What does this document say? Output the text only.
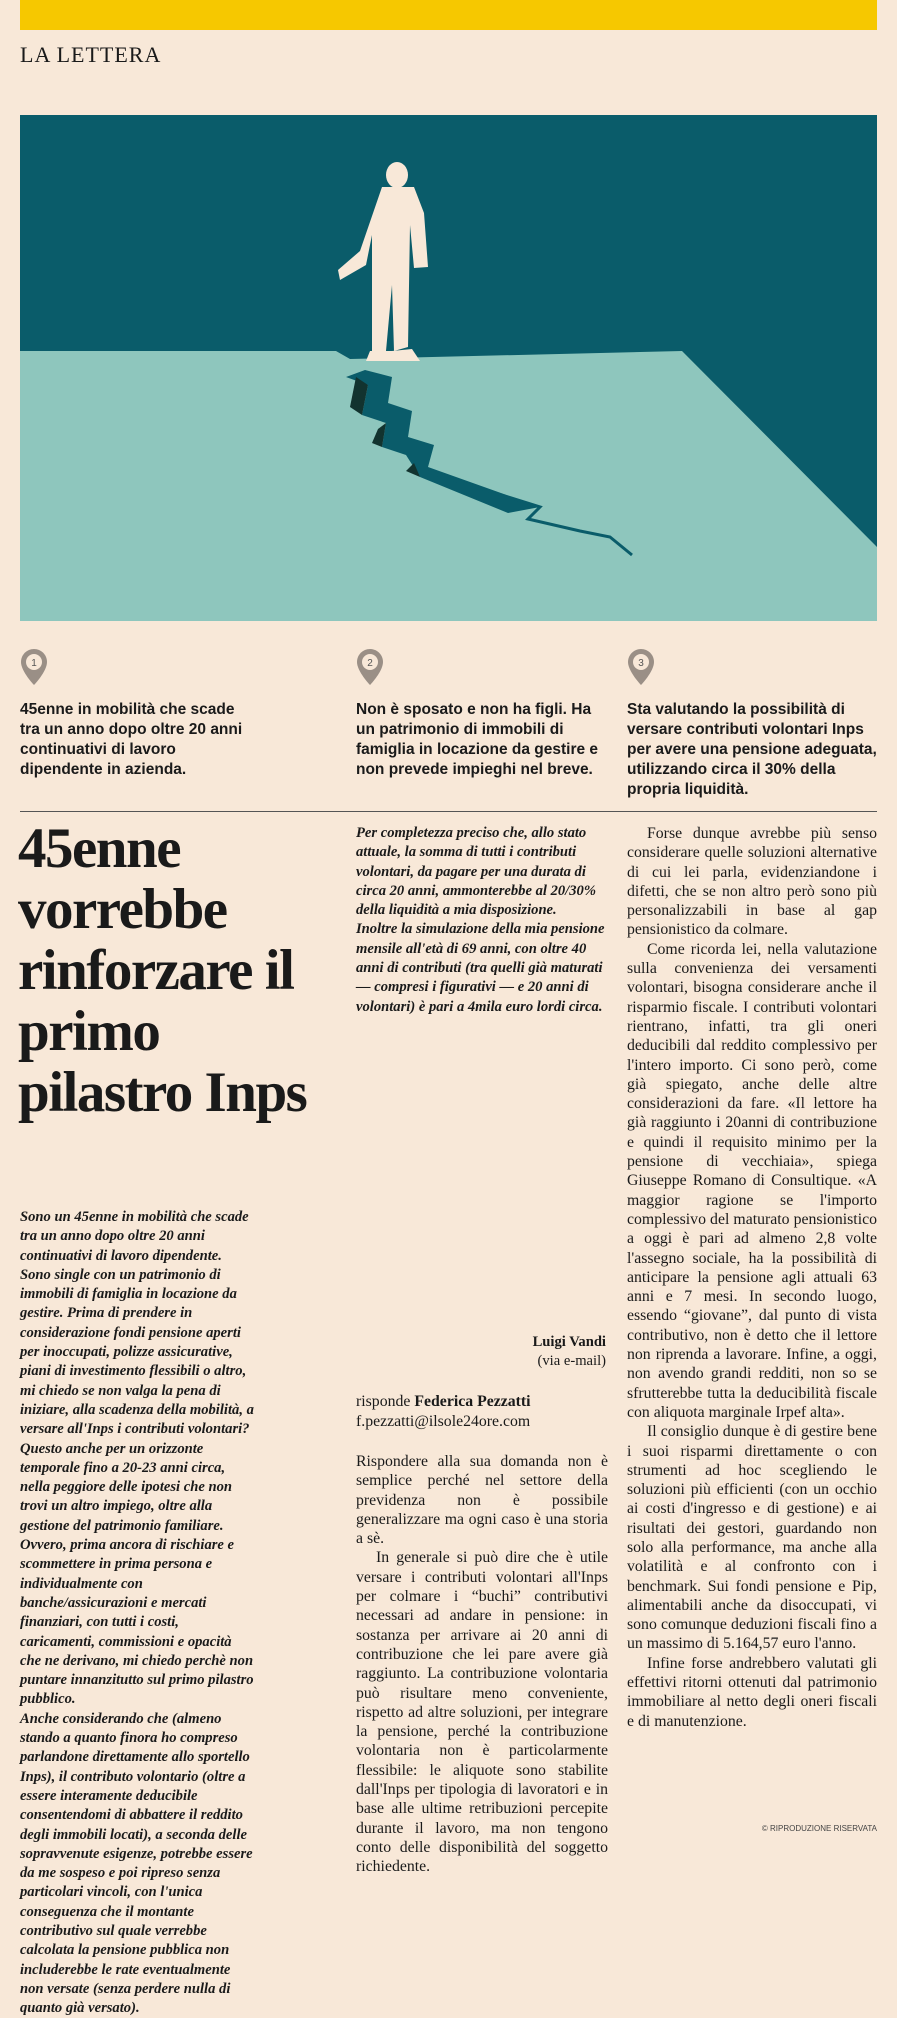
LA LETTERA
1	2	3
45enne in mobilità che scade tra un anno dopo oltre 20 anni continuativi di lavoro dipendente in azienda.
Non è sposato e non ha figli. Ha un patrimonio di immobili di famiglia in locazione da gestire e non prevede impieghi nel breve.
Sta valutando la possibilità di versare contributi volontari Inps per avere una pensione adeguata, utilizzando circa il 30% della propria liquidità.
45enne vorrebbe rinforzare il primo pilastro Inps

Sono un 45enne in mobilità che scade tra un anno dopo oltre 20 anni continuativi di lavoro dipendente. Sono single con un patrimonio di immobili di famiglia in locazione da gestire. Prima di prendere in considerazione fondi pensione aperti per inoccupati, polizze assicurative, piani di investimento flessibili o altro, mi chiedo se non valga la pena di iniziare, alla scadenza della mobilità, a versare all'Inps i contributi volontari? Questo anche per un orizzonte temporale fino a 20-23 anni circa, nella peggiore delle ipotesi che non trovi un altro impiego, oltre alla gestione del patrimonio familiare.

Ovvero, prima ancora di rischiare e scommettere in prima persona e individualmente con banche/assicurazioni e mercati finanziari, con tutti i costi, caricamenti, commissioni e opacità che ne derivano, mi chiedo perchè non puntare innanzitutto sul primo pilastro pubblico.

Anche considerando che (almeno stando a quanto finora ho compreso parlandone direttamente allo sportello Inps), il contributo volontario (oltre a essere interamente deducibile consentendomi di abbattere il reddito degli immobili locati), a seconda delle sopravvenute esigenze, potrebbe essere da me sospeso e poi ripreso senza particolari vincoli, con l'unica conseguenza che il montante contributivo sul quale verrebbe calcolata la pensione pubblica non includerebbe le rate eventualmente non versate (senza perdere nulla di quanto già versato).

Per completezza preciso che, allo stato attuale, la somma di tutti i contributi volontari, da pagare per una durata di circa 20 anni, ammonterebbe al 20/30% della liquidità a mia disposizione.

Inoltre la simulazione della mia pensione mensile all'età di 69 anni, con oltre 40 anni di contributi (tra quelli già maturati — compresi i figurativi — e 20 anni di volontari) è pari a 4mila euro lordi circa.

Luigi Vandi
(via e-mail)
risponde Federica Pezzatti
f.pezzatti@ilsole24ore.com

Rispondere alla sua domanda non è semplice perché nel settore della previdenza non è possibile generalizzare ma ogni caso è una storia a sè.

In generale si può dire che è utile versare i contributi volontari all'Inps per colmare i “buchi” contributivi necessari ad andare in pensione: in sostanza per arrivare ai 20 anni di contribuzione che lei pare avere già raggiunto. La contribuzione volontaria può risultare meno conveniente, rispetto ad altre soluzioni, per integrare la pensione, perché la contribuzione volontaria non è particolarmente flessibile: le aliquote sono stabilite dall'Inps per tipologia di lavoratori e in base alle ultime retribuzioni percepite durante il lavoro, ma non tengono conto delle disponibilità del soggetto richiedente.

Forse dunque avrebbe più senso considerare quelle soluzioni alternative di cui lei parla, evidenziandone i difetti, che se non altro però sono più personalizzabili in base al gap pensionistico da colmare.

Come ricorda lei, nella valutazione sulla convenienza dei versamenti volontari, bisogna considerare anche il risparmio fiscale. I contributi volontari rientrano, infatti, tra gli oneri deducibili dal reddito complessivo per l'intero importo. Ci sono però, come già spiegato, anche delle altre considerazioni da fare. «Il lettore ha già raggiunto i 20anni di contribuzione e quindi il requisito minimo per la pensione di vecchiaia», spiega Giuseppe Romano di Consultique. «A maggior ragione se l'importo complessivo del maturato pensionistico a oggi è pari ad almeno 2,8 volte l'assegno sociale, ha la possibilità di anticipare la pensione agli attuali 63 anni e 7 mesi. In secondo luogo, essendo “giovane”, dal punto di vista contributivo, non è detto che il lettore non riprenda a lavorare. Infine, a oggi, non avendo grandi redditi, non so se sfrutterebbe tutta la deducibilità fiscale con aliquota marginale Irpef alta».

Il consiglio dunque è di gestire bene i suoi risparmi direttamente o con strumenti ad hoc scegliendo le soluzioni più efficienti (con un occhio ai costi d'ingresso e di gestione) e ai risultati dei gestori, guardando non solo alla performance, ma anche alla volatilità e al confronto con i benchmark. Sui fondi pensione e Pip, alimentabili anche da disoccupati, vi sono comunque deduzioni fiscali fino a un massimo di 5.164,57 euro l'anno.

Infine forse andrebbero valutati gli effettivi ritorni ottenuti dal patrimonio immobiliare al netto degli oneri fiscali e di manutenzione.

© RIPRODUZIONE RISERVATA
